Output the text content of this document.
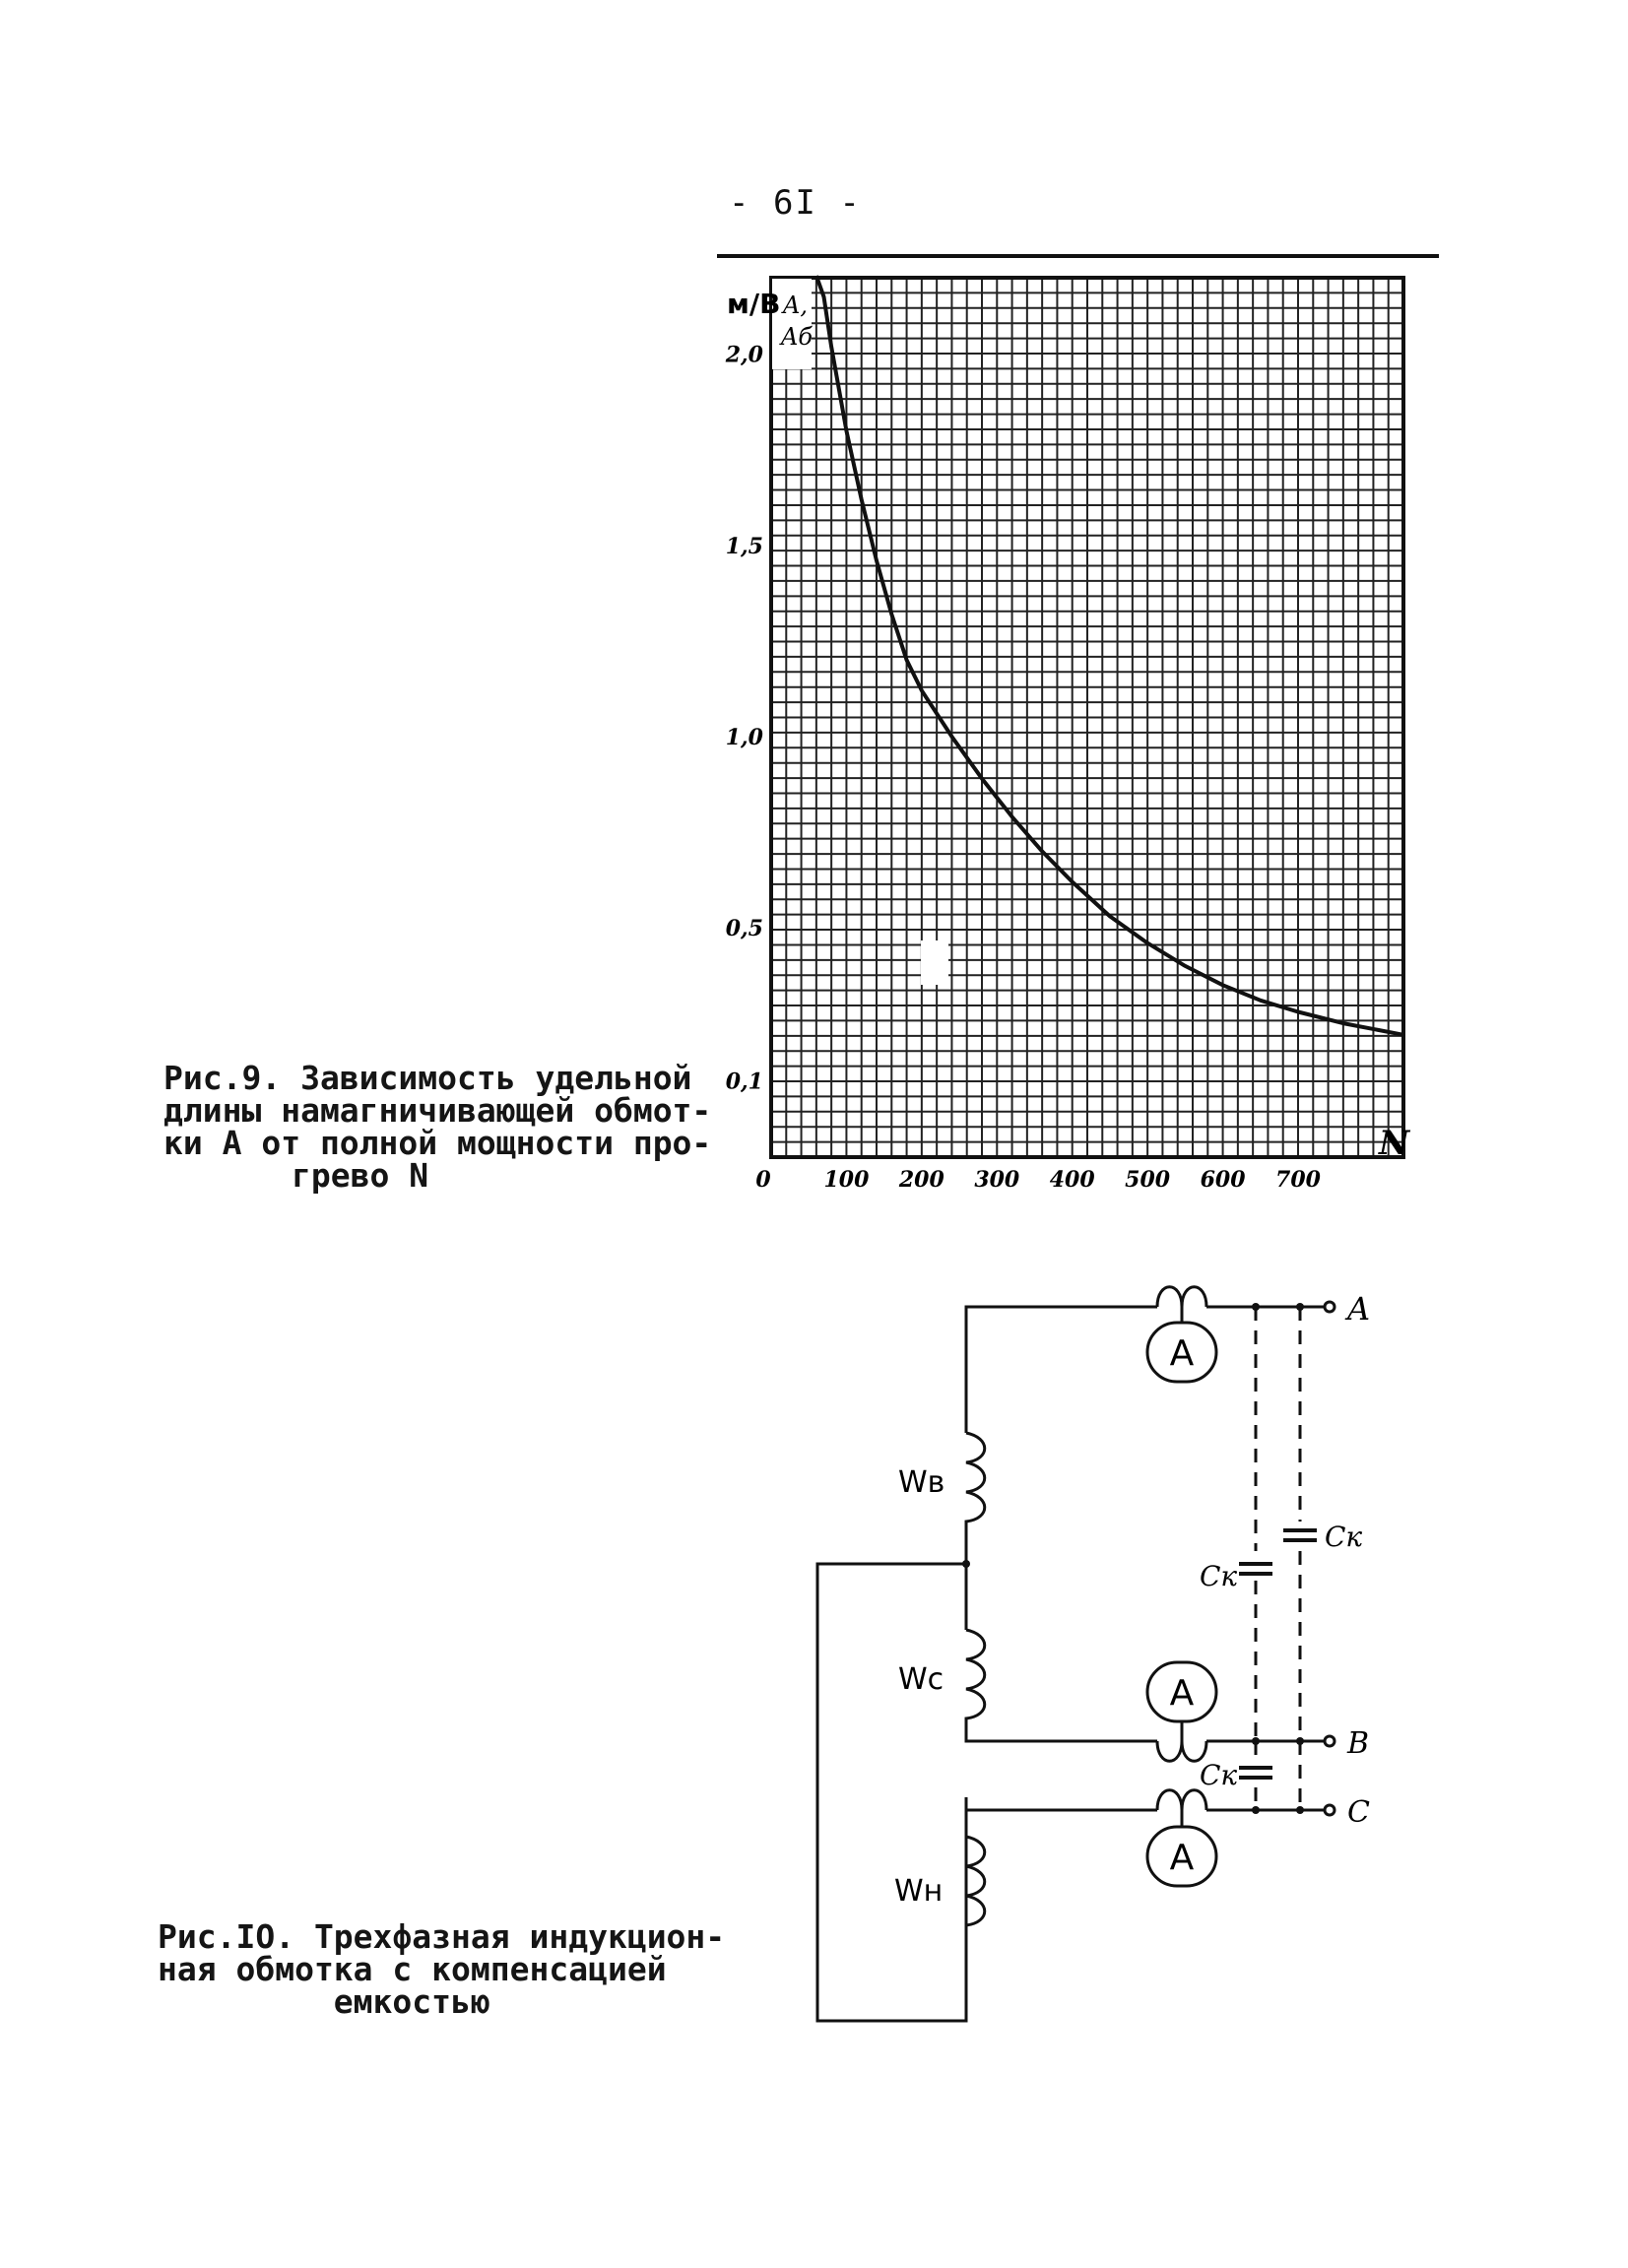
- 6I -
0 100 200 300 400 500 600 700
0,1
0,5
1,0
1,5
2,0
м/В A,
Aб
N
Рис.9. Зависимость удельной
длины намагничивающей обмот-
ки A от полной мощности про-
грево N
A
A
A
A
B
C
Wв
Wс
Wн
Cк
Cк
Cк
Рис.IO. Трехфазная индукцион-
ная обмотка с компенсацией
емкостью
